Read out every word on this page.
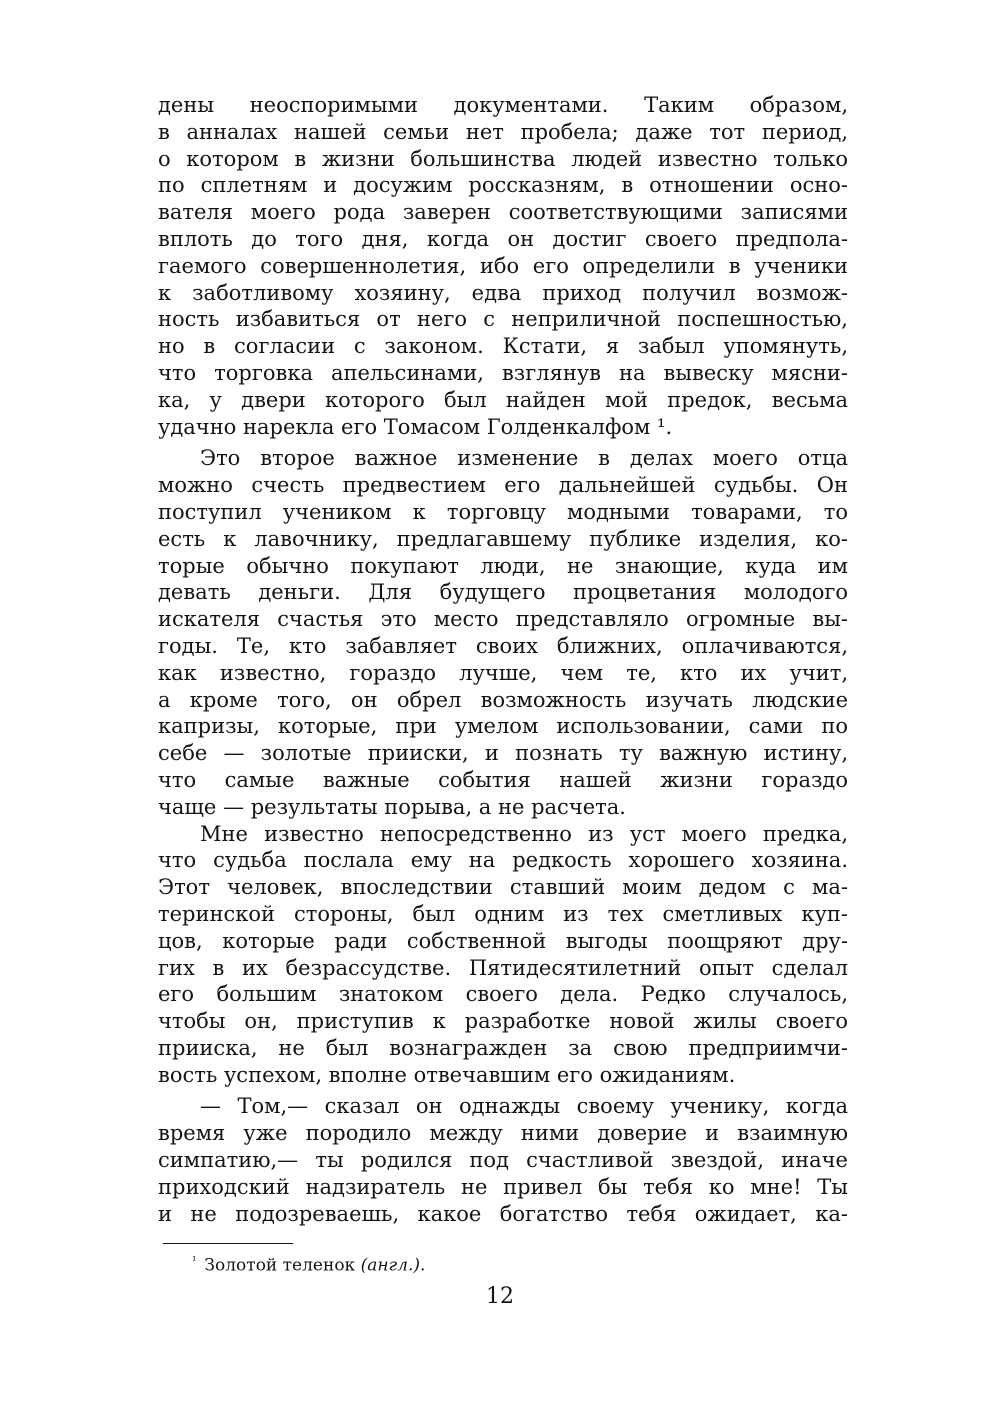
дены неоспоримыми документами. Таким образом,
в анналах нашей семьи нет пробела; даже тот период,
о котором в жизни большинства людей известно только
по сплетням и досужим россказням, в отношении осно-
вателя моего рода заверен соответствующими записями
вплоть до того дня, когда он достиг своего предпола-
гаемого совершеннолетия, ибо его определили в ученики
к заботливому хозяину, едва приход получил возмож-
ность избавиться от него с неприличной поспешностью,
но в согласии с законом. Кстати, я забыл упомянуть,
что торговка апельсинами, взглянув на вывеску мясни-
ка, у двери которого был найден мой предок, весьма
удачно нарекла его Томасом Голденкалфом ¹.
Это второе важное изменение в делах моего отца
можно счесть предвестием его дальнейшей судьбы. Он
поступил учеником к торговцу модными товарами, то
есть к лавочнику, предлагавшему публике изделия, ко-
торые обычно покупают люди, не знающие, куда им
девать деньги. Для будущего процветания молодого
искателя счастья это место представляло огромные вы-
годы. Те, кто забавляет своих ближних, оплачиваются,
как известно, гораздо лучше, чем те, кто их учит,
а кроме того, он обрел возможность изучать людские
капризы, которые, при умелом использовании, сами по
себе — золотые прииски, и познать ту важную истину,
что самые важные события нашей жизни гораздо
чаще — результаты порыва, а не расчета.
Мне известно непосредственно из уст моего предка,
что судьба послала ему на редкость хорошего хозяина.
Этот человек, впоследствии ставший моим дедом с ма-
теринской стороны, был одним из тех сметливых куп-
цов, которые ради собственной выгоды поощряют дру-
гих в их безрассудстве. Пятидесятилетний опыт сделал
его большим знатоком своего дела. Редко случалось,
чтобы он, приступив к разработке новой жилы своего
прииска, не был вознагражден за свою предприимчи-
вость успехом, вполне отвечавшим его ожиданиям.
— Том,— сказал он однажды своему ученику, когда
время уже породило между ними доверие и взаимную
симпатию,— ты родился под счастливой звездой, иначе
приходский надзиратель не привел бы тебя ко мне! Ты
и не подозреваешь, какое богатство тебя ожидает, ка-
$^{^1}$ Золотой теленок (англ.).
12
